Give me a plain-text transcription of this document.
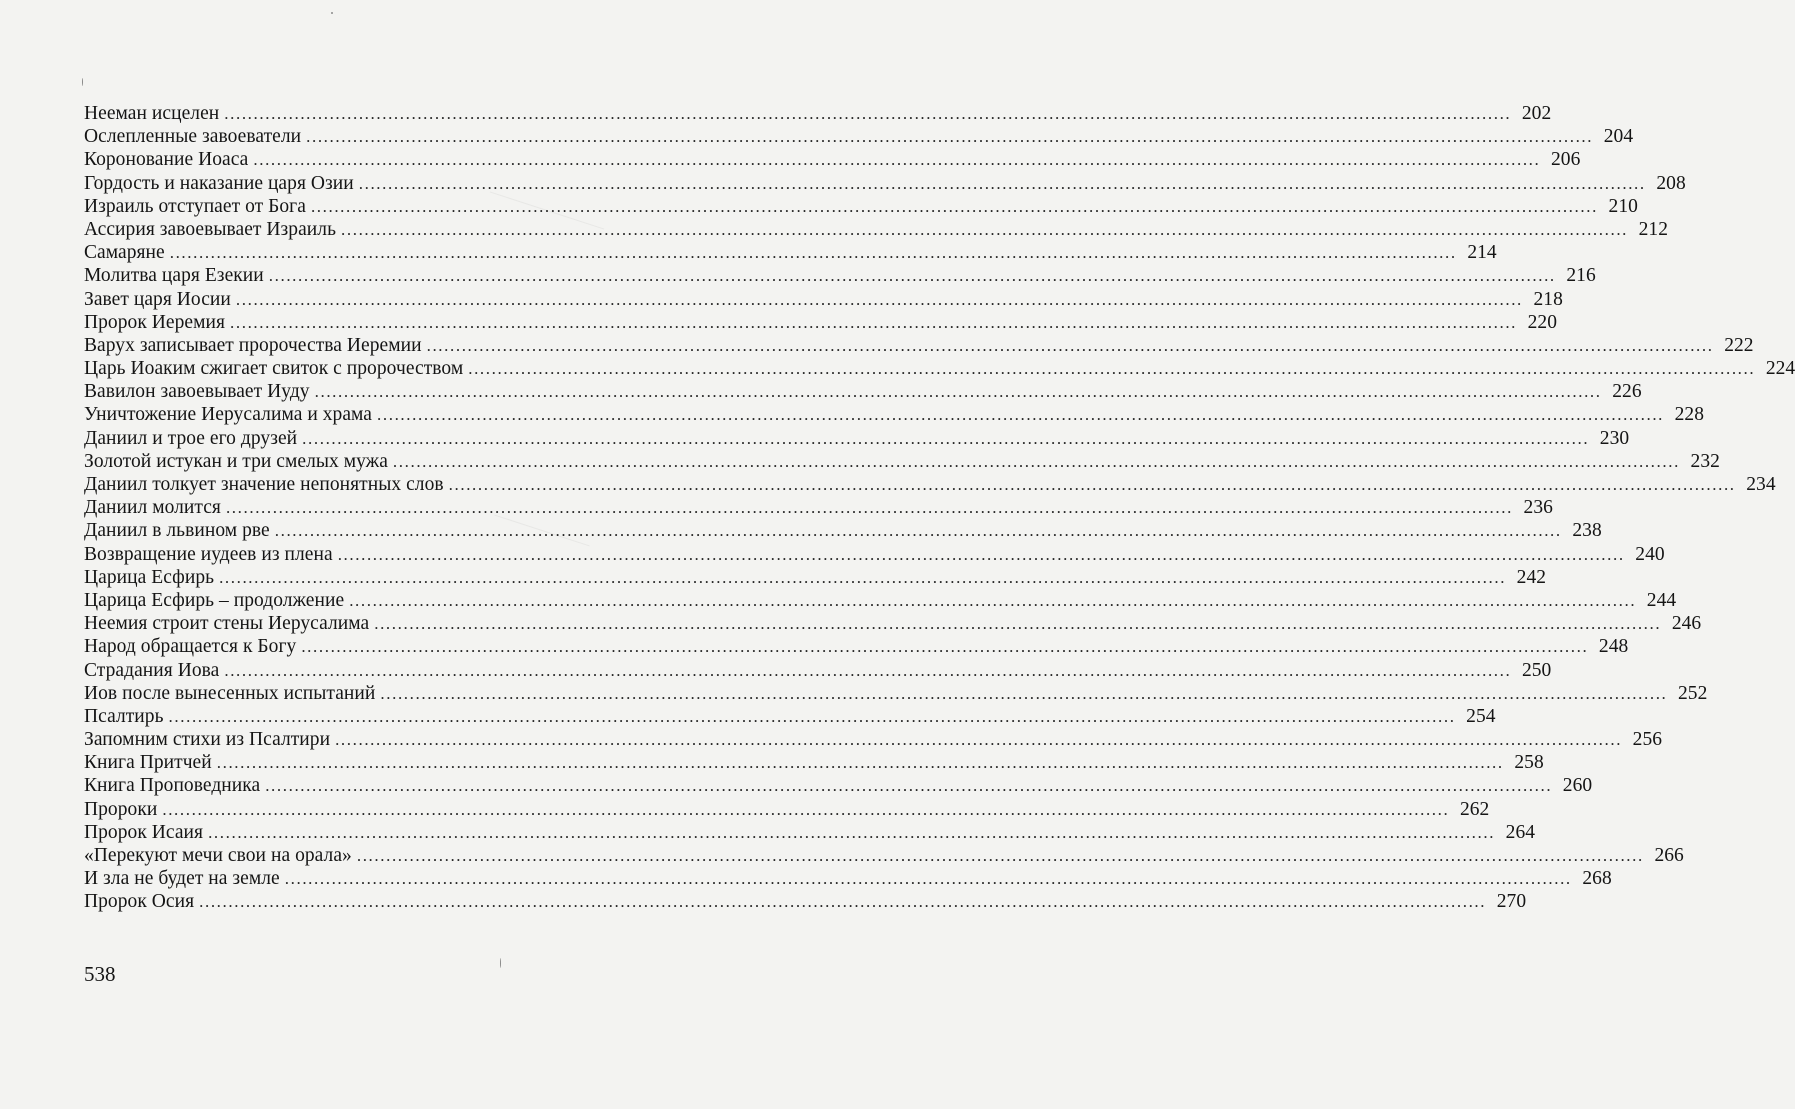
Нееман исцелен ............................................................................................................................................................................................................................ 202
Ослепленные завоеватели ............................................................................................................................................................................................................................ 204
Коронование Иоаса ............................................................................................................................................................................................................................ 206
Гордость и наказание царя Озии ............................................................................................................................................................................................................................ 208
Израиль отступает от Бога ............................................................................................................................................................................................................................ 210
Ассирия завоевывает Израиль ............................................................................................................................................................................................................................ 212
Самаряне ............................................................................................................................................................................................................................ 214
Молитва царя Езекии ............................................................................................................................................................................................................................ 216
Завет царя Иосии ............................................................................................................................................................................................................................ 218
Пророк Иеремия ............................................................................................................................................................................................................................ 220
Варух записывает пророчества Иеремии ............................................................................................................................................................................................................................ 222
Царь Иоаким сжигает свиток с пророчеством ............................................................................................................................................................................................................................ 224
Вавилон завоевывает Иуду ............................................................................................................................................................................................................................ 226
Уничтожение Иерусалима и храма ............................................................................................................................................................................................................................ 228
Даниил и трое его друзей ............................................................................................................................................................................................................................ 230
Золотой истукан и три смелых мужа ............................................................................................................................................................................................................................ 232
Даниил толкует значение непонятных слов ............................................................................................................................................................................................................................ 234
Даниил молится ............................................................................................................................................................................................................................ 236
Даниил в львином рве ............................................................................................................................................................................................................................ 238
Возвращение иудеев из плена ............................................................................................................................................................................................................................ 240
Царица Есфирь ............................................................................................................................................................................................................................ 242
Царица Есфирь – продолжение ............................................................................................................................................................................................................................ 244
Неемия строит стены Иерусалима ............................................................................................................................................................................................................................ 246
Народ обращается к Богу ............................................................................................................................................................................................................................ 248
Страдания Иова ............................................................................................................................................................................................................................ 250
Иов после вынесенных испытаний ............................................................................................................................................................................................................................ 252
Псалтирь ............................................................................................................................................................................................................................ 254
Запомним стихи из Псалтири ............................................................................................................................................................................................................................ 256
Книга Притчей ............................................................................................................................................................................................................................ 258
Книга Проповедника ............................................................................................................................................................................................................................ 260
Пророки ............................................................................................................................................................................................................................ 262
Пророк Исаия ............................................................................................................................................................................................................................ 264
«Перекуют мечи свои на орала» ............................................................................................................................................................................................................................ 266
И зла не будет на земле ............................................................................................................................................................................................................................ 268
Пророк Осия ............................................................................................................................................................................................................................ 270
538
